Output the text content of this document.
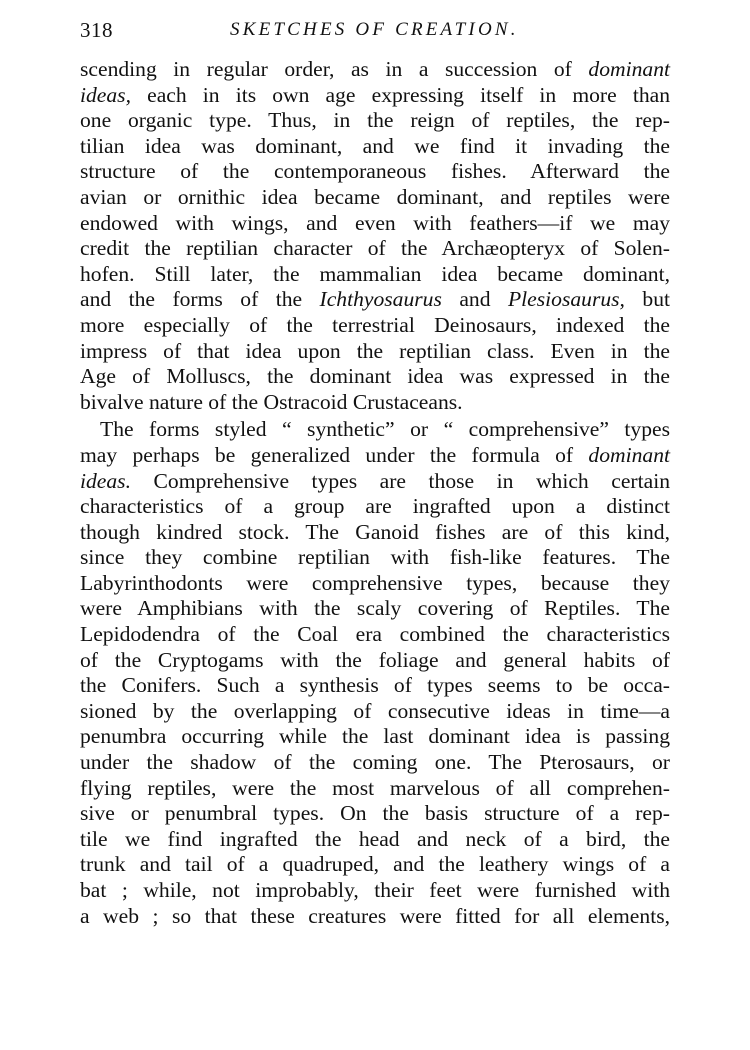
318	SKETCHES OF CREATION.
scending in regular order, as in a succession of dominant
ideas, each in its own age expressing itself in more than
one organic type. Thus, in the reign of reptiles, the rep-
tilian idea was dominant, and we find it invading the
structure of the contemporaneous fishes. Afterward the
avian or ornithic idea became dominant, and reptiles were
endowed with wings, and even with feathers—if we may
credit the reptilian character of the Archæopteryx of Solen-
hofen. Still later, the mammalian idea became dominant,
and the forms of the Ichthyosaurus and Plesiosaurus, but
more especially of the terrestrial Deinosaurs, indexed the
impress of that idea upon the reptilian class. Even in the
Age of Molluscs, the dominant idea was expressed in the
bivalve nature of the Ostracoid Crustaceans.
The forms styled “ synthetic” or “ comprehensive” types
may perhaps be generalized under the formula of dominant
ideas. Comprehensive types are those in which certain
characteristics of a group are ingrafted upon a distinct
though kindred stock. The Ganoid fishes are of this kind,
since they combine reptilian with fish-like features. The
Labyrinthodonts were comprehensive types, because they
were Amphibians with the scaly covering of Reptiles. The
Lepidodendra of the Coal era combined the characteristics
of the Cryptogams with the foliage and general habits of
the Conifers. Such a synthesis of types seems to be occa-
sioned by the overlapping of consecutive ideas in time—a
penumbra occurring while the last dominant idea is passing
under the shadow of the coming one. The Pterosaurs, or
flying reptiles, were the most marvelous of all comprehen-
sive or penumbral types. On the basis structure of a rep-
tile we find ingrafted the head and neck of a bird, the
trunk and tail of a quadruped, and the leathery wings of a
bat ; while, not improbably, their feet were furnished with
a web ; so that these creatures were fitted for all elements,
